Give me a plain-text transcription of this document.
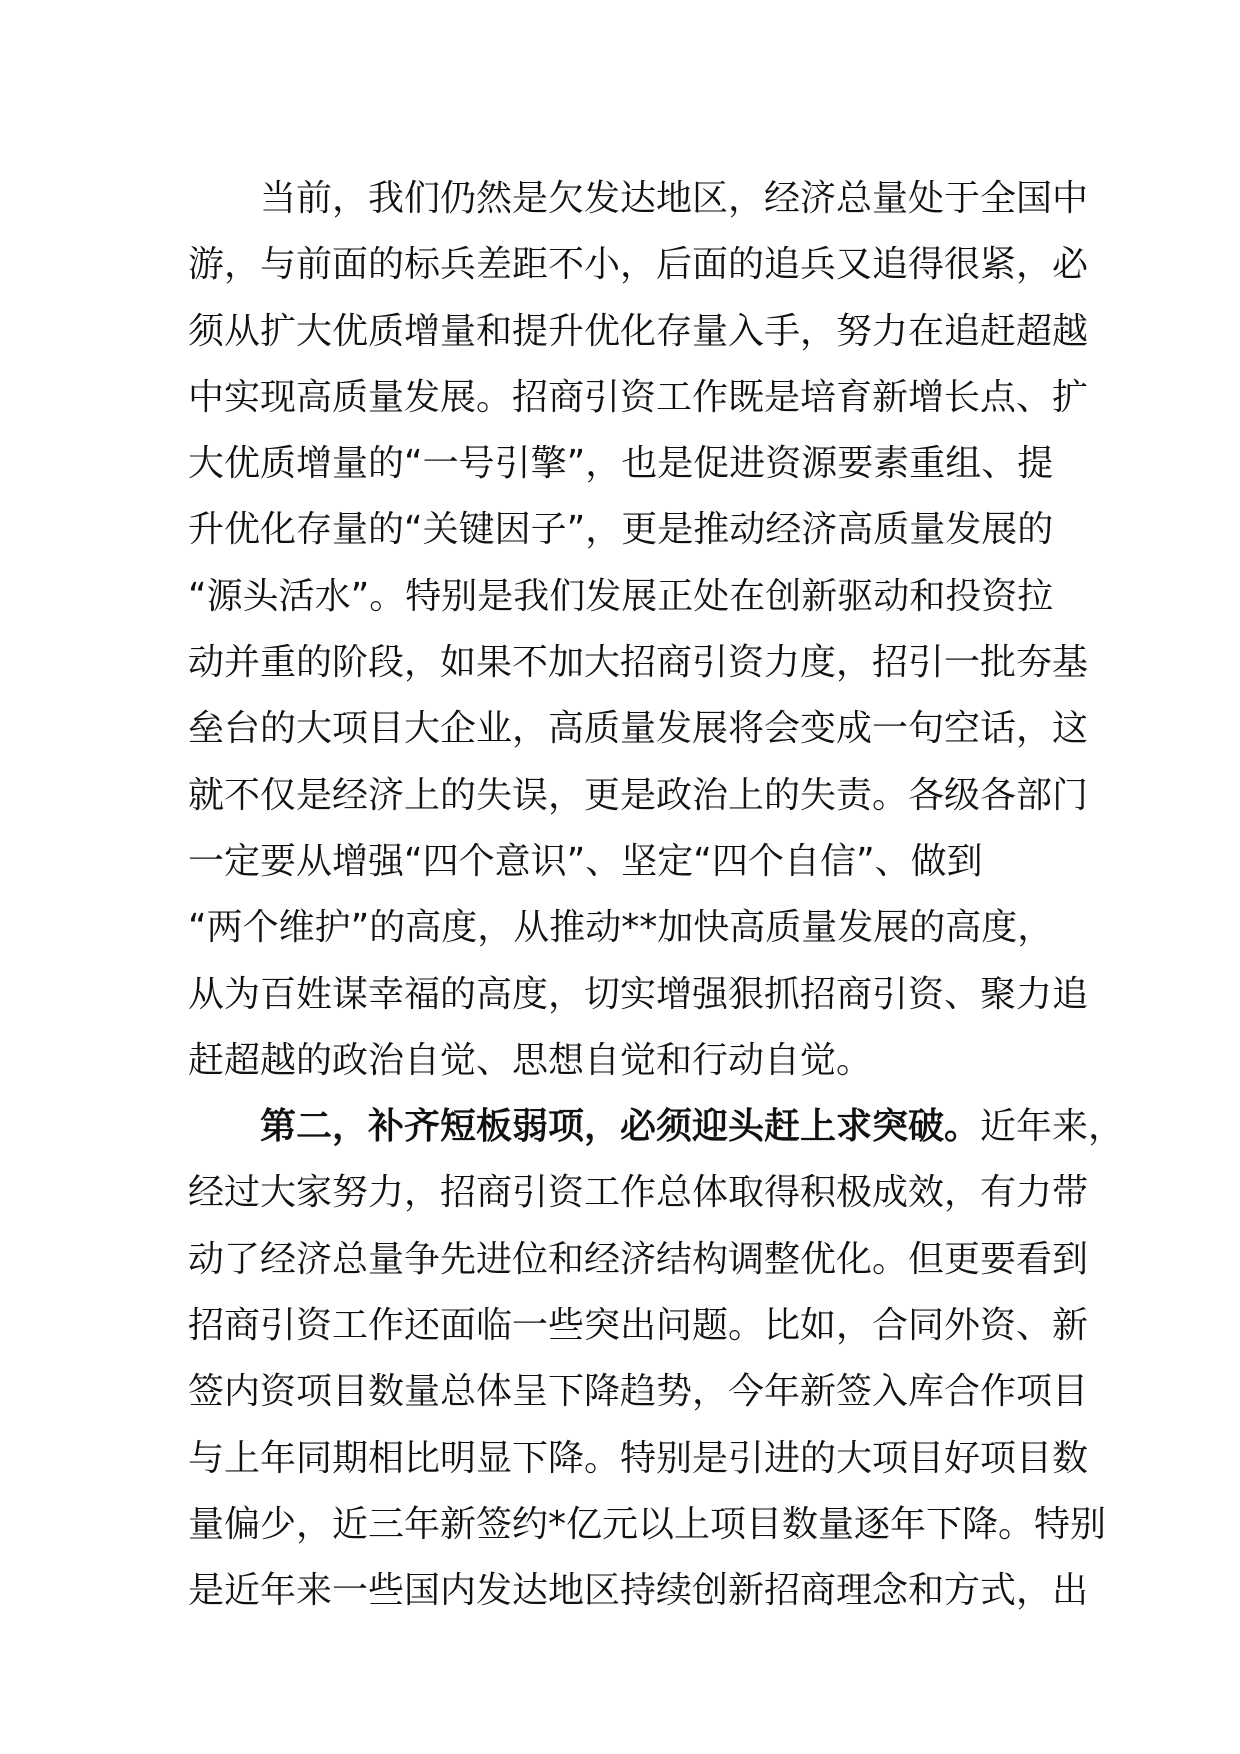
当前，我们仍然是欠发达地区，经济总量处于全国中
游，与前面的标兵差距不小，后面的追兵又追得很紧，必
须从扩大优质增量和提升优化存量入手，努力在追赶超越
中实现高质量发展。招商引资工作既是培育新增长点、扩
大优质增量的“一号引擎”，也是促进资源要素重组、提
升优化存量的“关键因子”，更是推动经济高质量发展的
“源头活水”。特别是我们发展正处在创新驱动和投资拉
动并重的阶段，如果不加大招商引资力度，招引一批夯基
垒台的大项目大企业，高质量发展将会变成一句空话，这
就不仅是经济上的失误，更是政治上的失责。各级各部门
一定要从增强“四个意识”、坚定“四个自信”、做到
“两个维护”的高度，从推动**加快高质量发展的高度，
从为百姓谋幸福的高度，切实增强狠抓招商引资、聚力追
赶超越的政治自觉、思想自觉和行动自觉。
第二，补齐短板弱项，必须迎头赶上求突破。近年来，
经过大家努力，招商引资工作总体取得积极成效，有力带
动了经济总量争先进位和经济结构调整优化。但更要看到
招商引资工作还面临一些突出问题。比如，合同外资、新
签内资项目数量总体呈下降趋势，今年新签入库合作项目
与上年同期相比明显下降。特别是引进的大项目好项目数
量偏少，近三年新签约*亿元以上项目数量逐年下降。特别
是近年来一些国内发达地区持续创新招商理念和方式，出
